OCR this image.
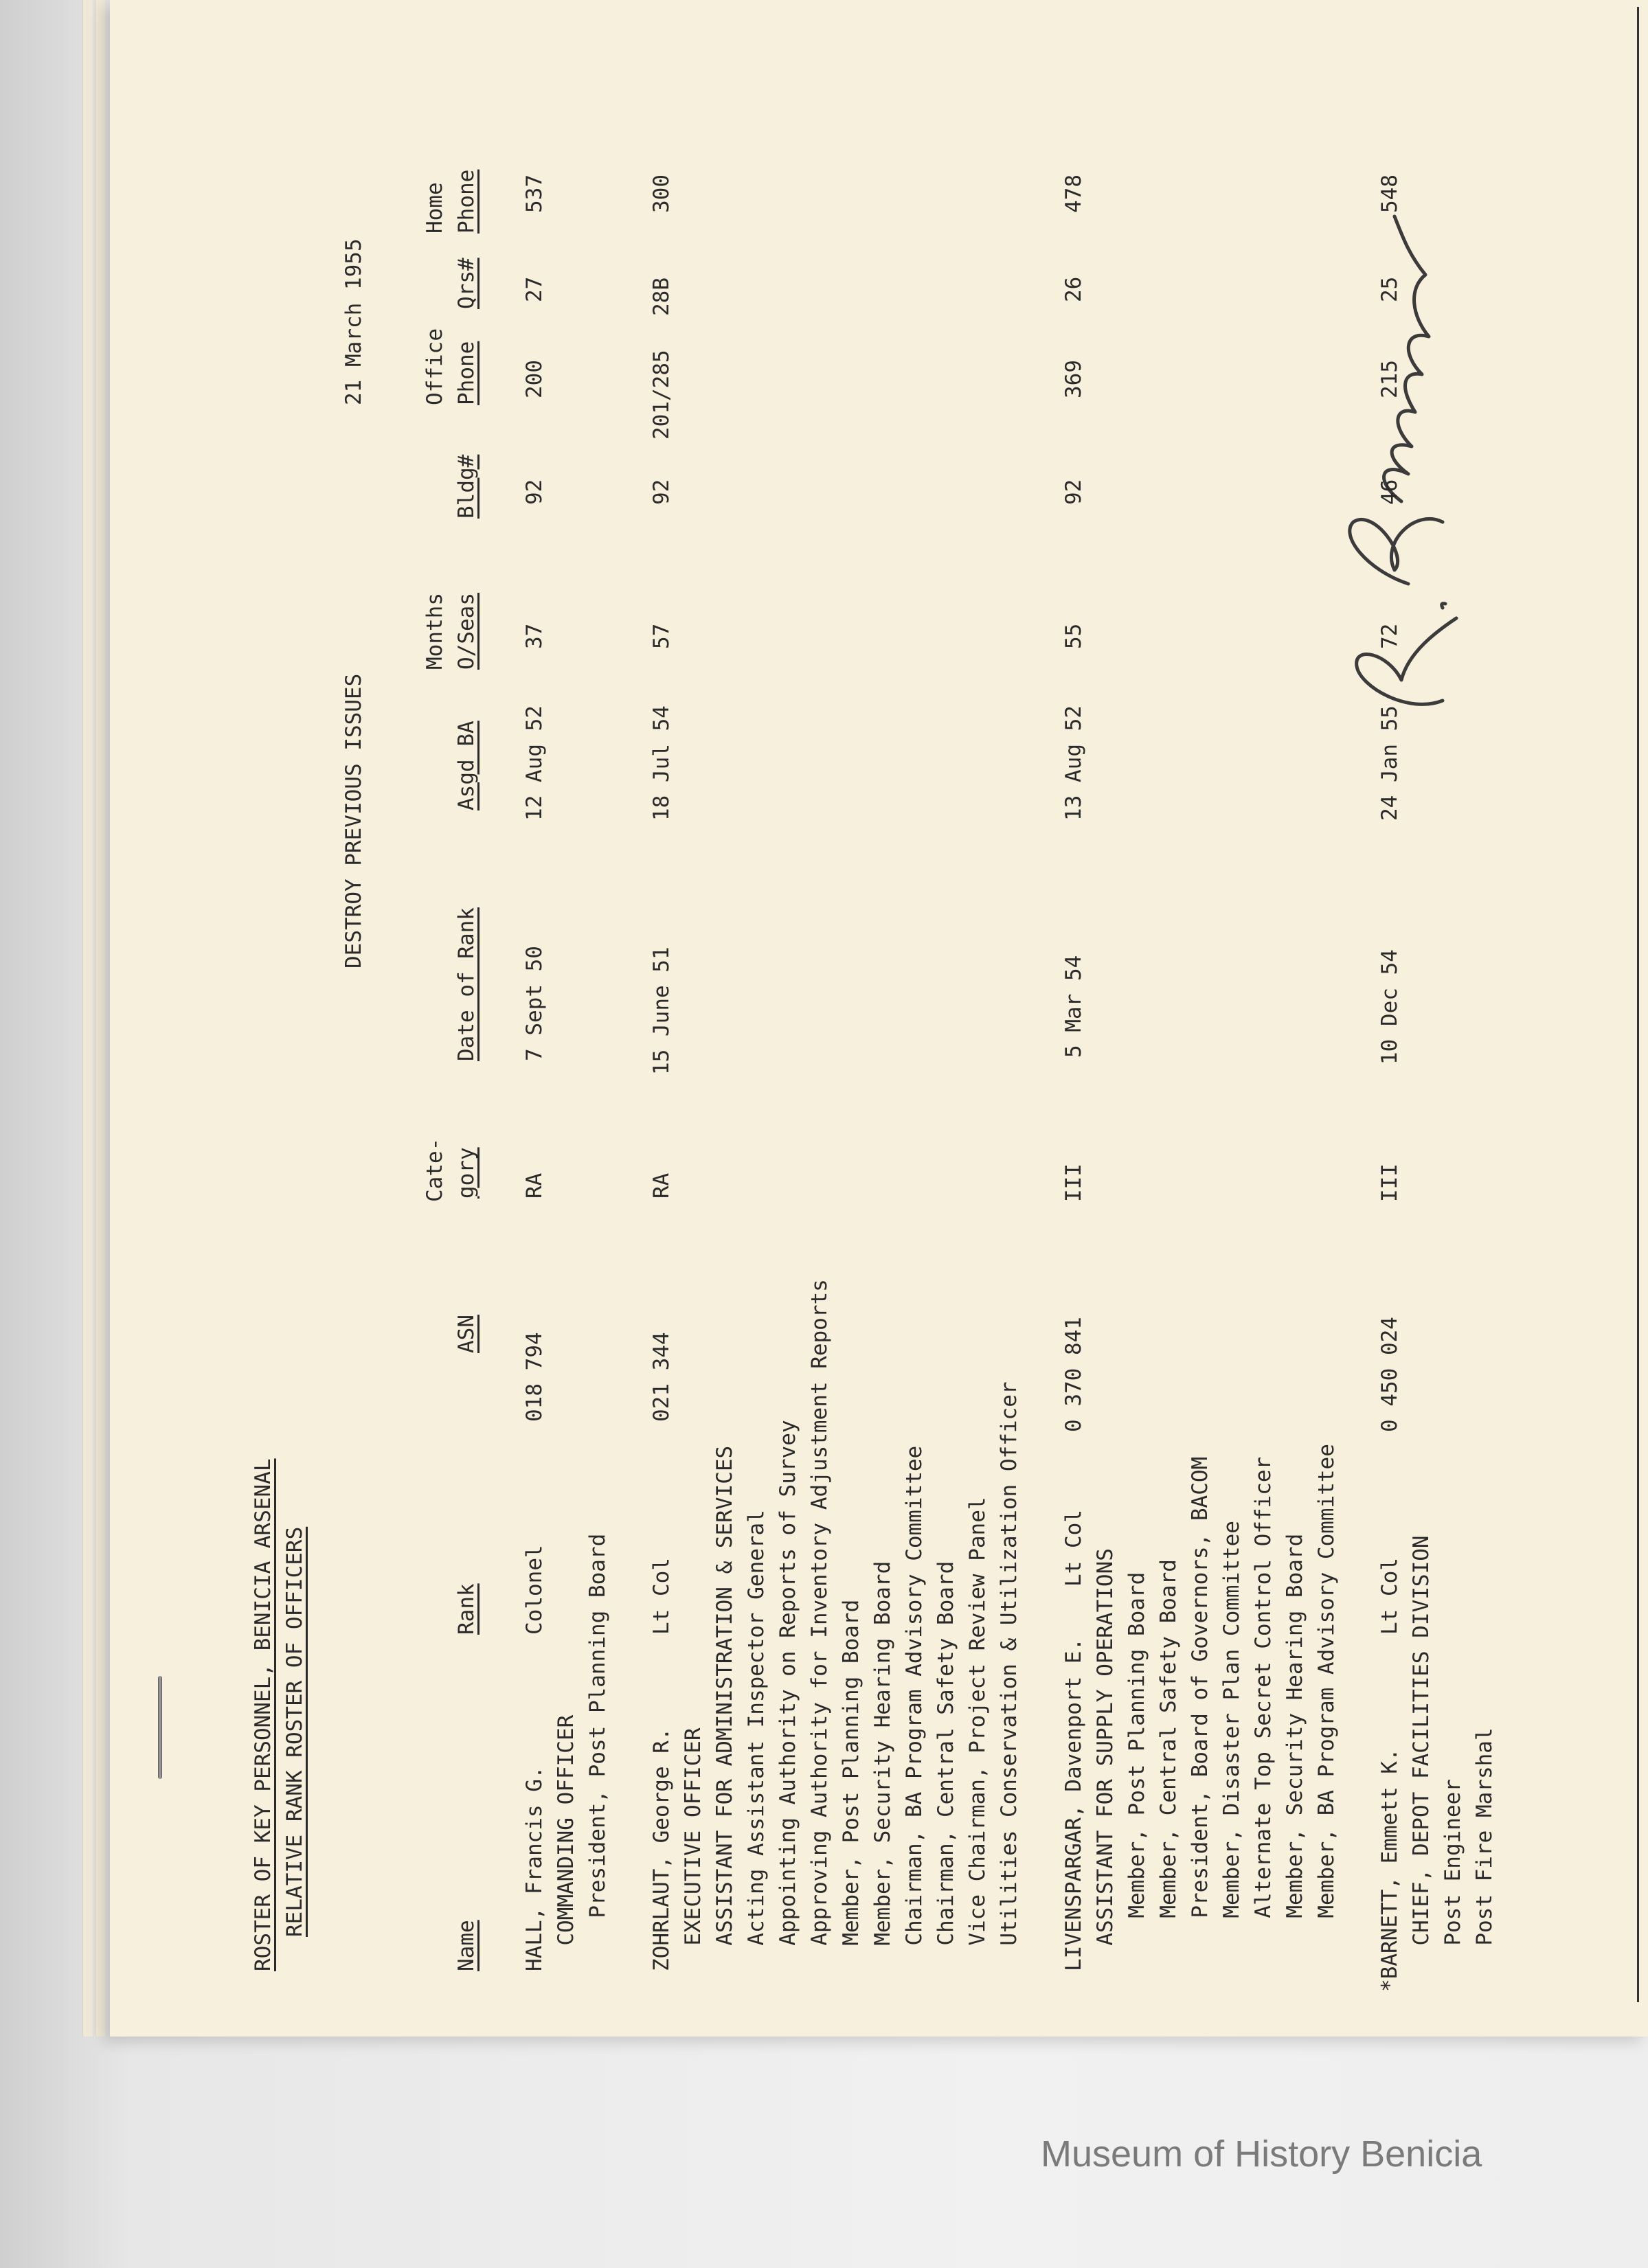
ROSTER OF KEY PERSONNEL, BENICIA ARSENAL RELATIVE RANK ROSTER OF OFFICERS
DESTROY PREVIOUS ISSUES
21 March 1955
Cate-
Months
Office
Home
Name
Rank
ASN
gory
Date of Rank
Asgd BA
O/Seas
Bldg#
Phone
Qrs#
Phone
HALL, Francis G.
Colonel
018 794
RA
7 Sept 50
12 Aug 52
37
92
200
27
537
COMMANDING OFFICER President, Post Planning Board ZOHRLAUT, George R.
Lt Col
021 344
RA
15 June 51
18 Jul 54
57
92
201/285
28B
300
EXECUTIVE OFFICER ASSISTANT FOR ADMINISTRATION & SERVICES Acting Assistant Inspector General Appointing Authority on Reports of Survey Approving Authority for Inventory Adjustment Reports Member, Post Planning Board Member, Security Hearing Board Chairman, BA Program Advisory Committee Chairman, Central Safety Board Vice Chairman, Project Review Panel Utilities Conservation & Utilization Officer LIVENSPARGAR, Davenport E.
Lt Col
0 370 841
III
5 Mar 54
13 Aug 52
55
92
369
26
478
ASSISTANT FOR SUPPLY OPERATIONS Member, Post Planning Board Member, Central Safety Board President, Board of Governors, BACOM Member, Disaster Plan Committee Alternate Top Secret Control Officer Member, Security Hearing Board Member, BA Program Advisory Committee *BARNETT, Emmett K.
Lt Col
0 450 024
III
10 Dec 54
24 Jan 55
72
46
215
25
548
CHIEF, DEPOT FACILITIES DIVISION Post Engineer Post Fire Marshal
Museum of History Benicia
